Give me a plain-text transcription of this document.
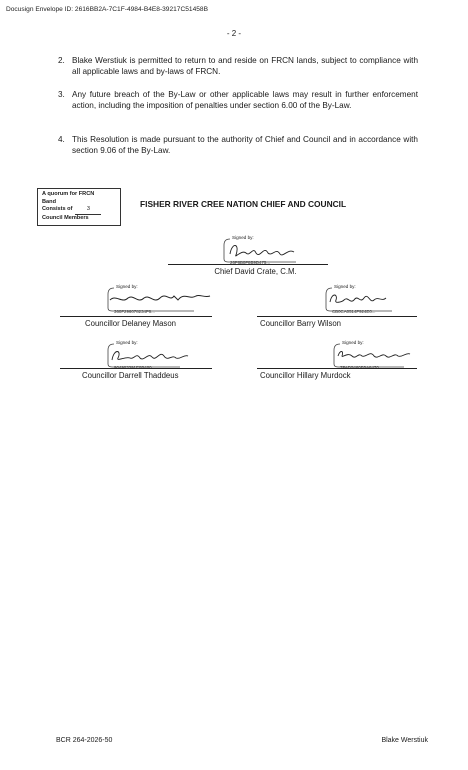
Docusign Envelope ID: 2616BB2A-7C1F-4984-B4E8-39217C51458B
- 2 -
2. Blake Werstiuk is permitted to return to and reside on FRCN lands, subject to compliance with all applicable laws and by-laws of FRCN.
3. Any future breach of the By-Law or other applicable laws may result in further enforcement action, including the imposition of penalties under section 6.00 of the By-Law.
4. This Resolution is made pursuant to the authority of Chief and Council and in accordance with section 9.06 of the By-Law.
A quorum for FRCN
Band
Consists of	3
Council Members
FISHER RIVER CREE NATION CHIEF AND COUNCIL
Signed by:
26F8B0F8B9D475...
Chief David Crate, C.M.
Signed by:
360F296078234F6...
Councillor Delaney Mason
Signed by:
CB0CA0514F924E0...
Councillor Barry Wilson
Signed by:
904903391E0B400...
Councillor Darrell Thaddeus
Signed by:
7FAD5460B5A8470...
Councillor Hillary Murdock
BCR 264-2026-50	Blake Werstiuk
